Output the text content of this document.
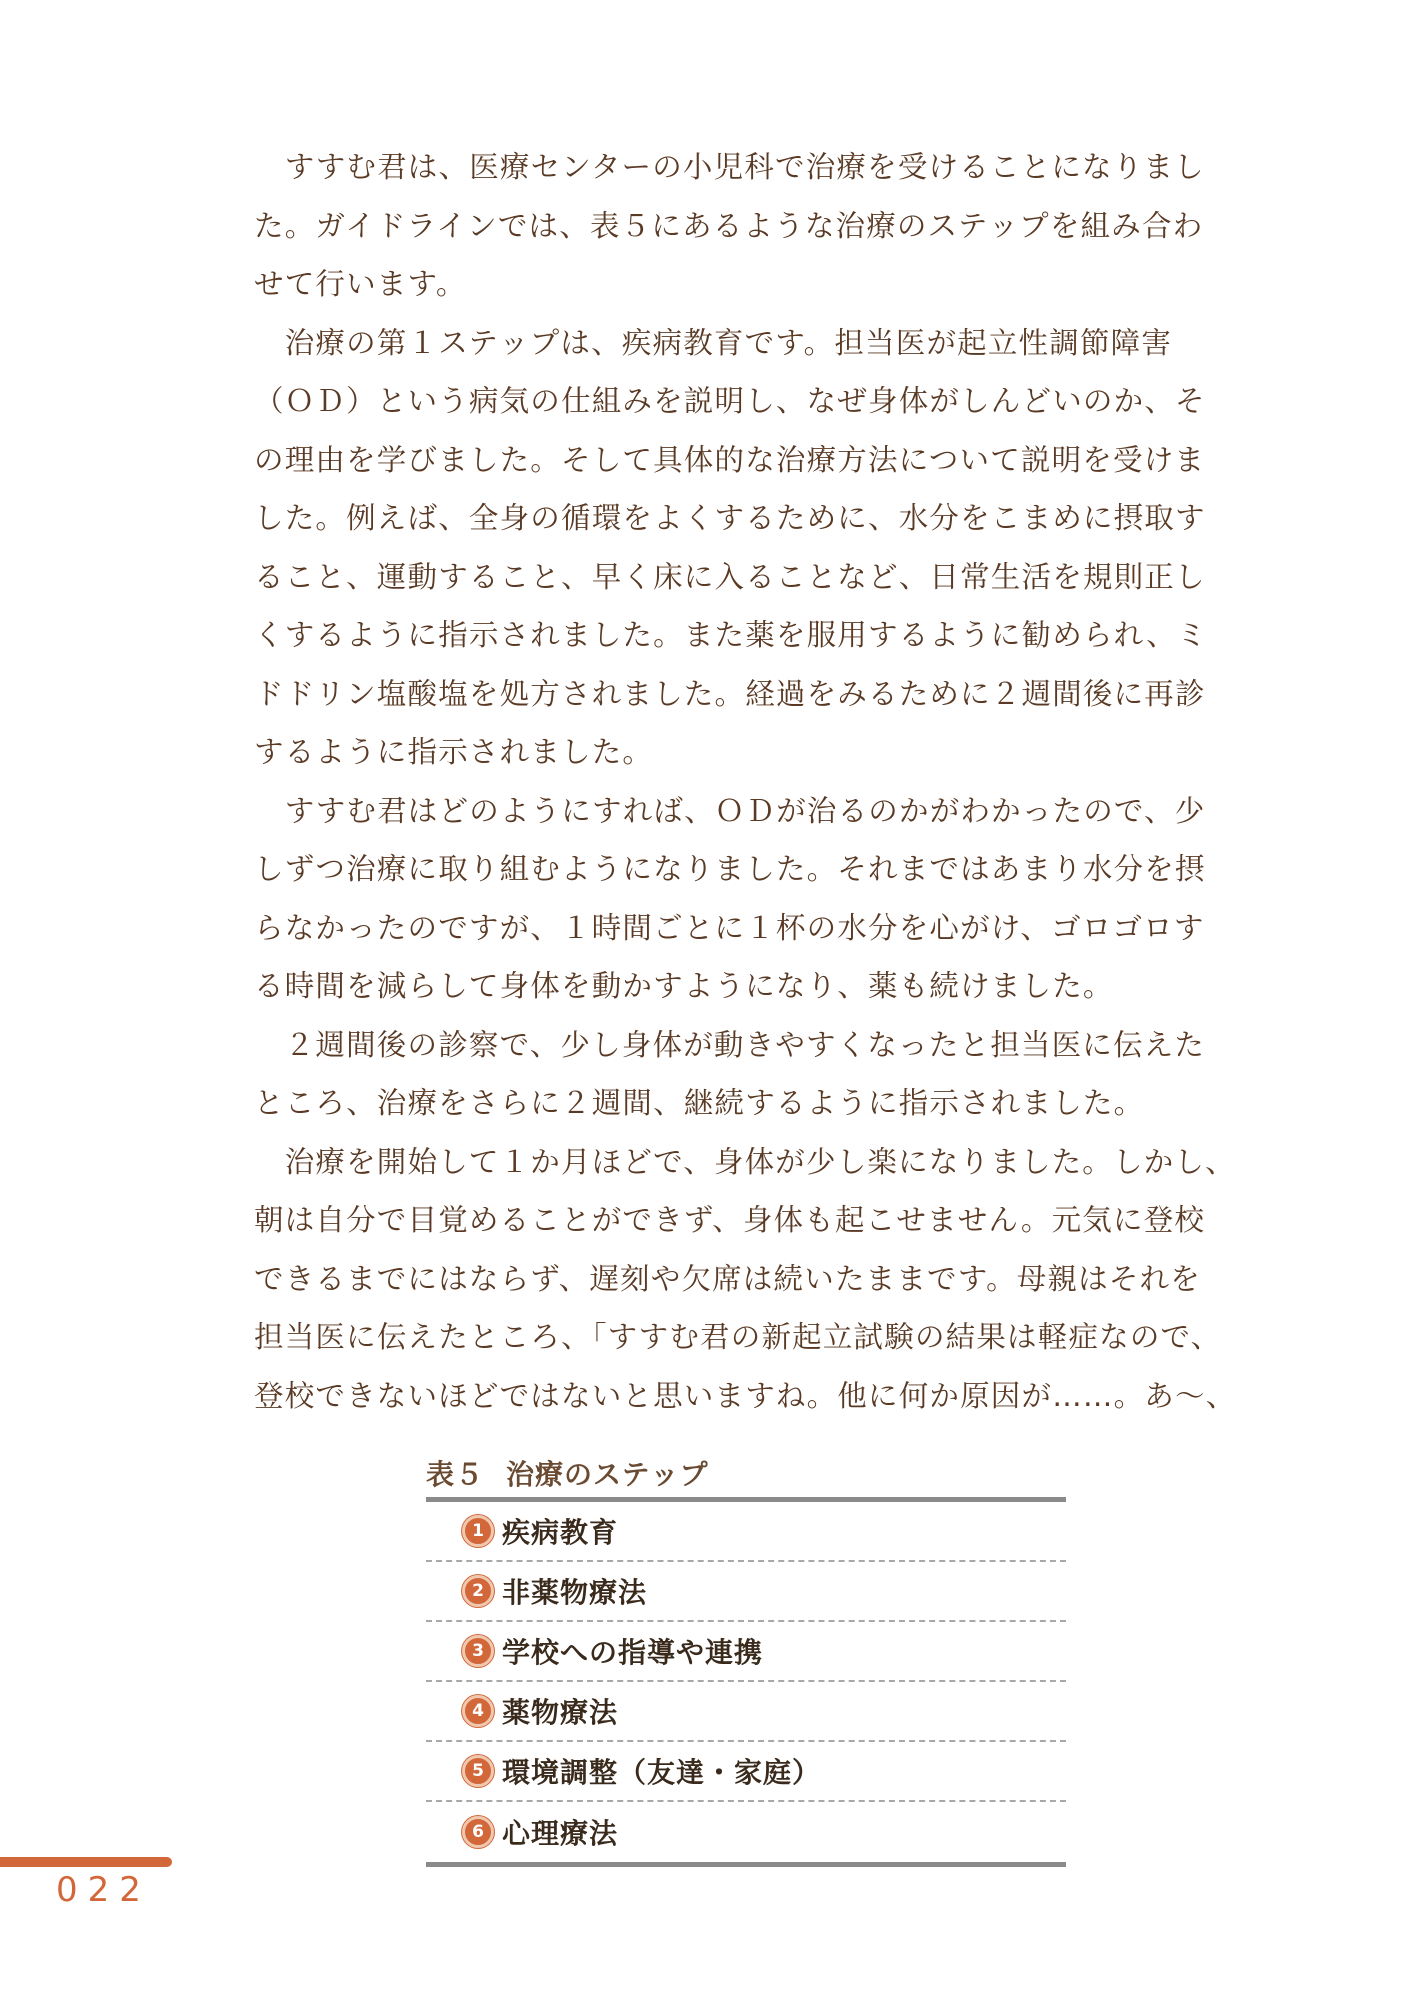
　すすむ君は、医療センターの小児科で治療を受けることになりまし
た。ガイドラインでは、表５にあるような治療のステップを組み合わ
せて行います。
　治療の第１ステップは、疾病教育です。担当医が起立性調節障害
（ＯＤ）という病気の仕組みを説明し、なぜ身体がしんどいのか、そ
の理由を学びました。そして具体的な治療方法について説明を受けま
した。例えば、全身の循環をよくするために、水分をこまめに摂取す
ること、運動すること、早く床に入ることなど、日常生活を規則正し
くするように指示されました。また薬を服用するように勧められ、ミ
ドドリン塩酸塩を処方されました。経過をみるために２週間後に再診
するように指示されました。
　すすむ君はどのようにすれば、ＯＤが治るのかがわかったので、少
しずつ治療に取り組むようになりました。それまではあまり水分を摂
らなかったのですが、１時間ごとに１杯の水分を心がけ、ゴロゴロす
る時間を減らして身体を動かすようになり、薬も続けました。
　２週間後の診察で、少し身体が動きやすくなったと担当医に伝えた
ところ、治療をさらに２週間、継続するように指示されました。
　治療を開始して１か月ほどで、身体が少し楽になりました。しかし、
朝は自分で目覚めることができず、身体も起こせません。元気に登校
できるまでにはならず、遅刻や欠席は続いたままです。母親はそれを
担当医に伝えたところ、「すすむ君の新起立試験の結果は軽症なので、
登校できないほどではないと思いますね。他に何か原因が……。あ〜、
表５ 治療のステップ
1 疾病教育
2 非薬物療法
3 学校への指導や連携
4 薬物療法
5 環境調整（友達・家庭）
6 心理療法
022
